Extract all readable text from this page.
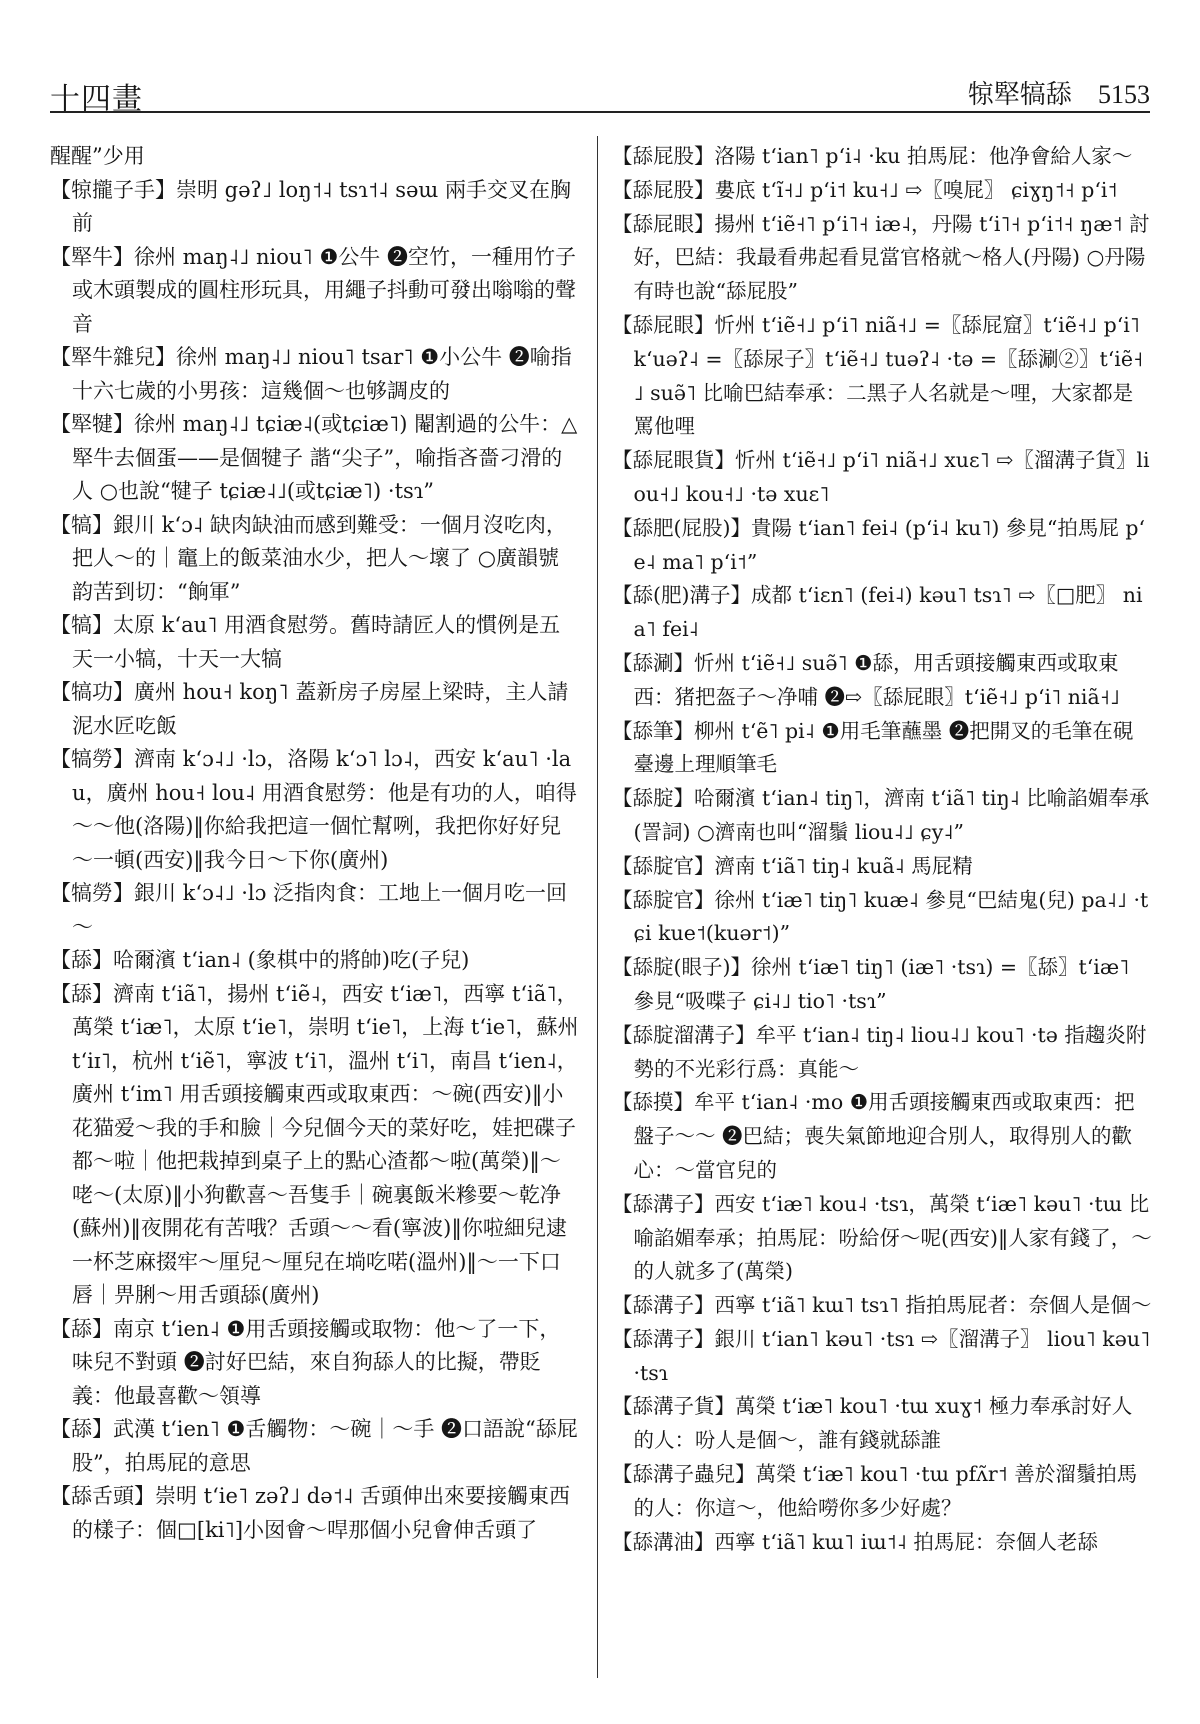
十四畫	㹁㹂犒舔 5153

醒醒”少用

【㹁攏子手】崇明 gəʔ˩ loŋ˦˨ tsɿ˦˨ səɯ 兩手交叉在胸前

【㹂牛】徐州 maŋ˨˩ niou˥ ❶公牛 ❷空竹，一種用竹子或木頭製成的圓柱形玩具，用繩子抖動可發出嗡嗡的聲音

【㹂牛雜兒】徐州 maŋ˨˩ niou˥ tsar˥ ❶小公牛 ❷喻指十六七歲的小男孩：這幾個～也够調皮的

【㹂犍】徐州 maŋ˨˩ tɕiæ˨(或tɕiæ˥) 閹割過的公牛：△㹂牛去個蛋——是個犍子 諧“尖子”，喻指吝嗇刁滑的人 ○也說“犍子 tɕiæ˨˩(或tɕiæ˥) ·tsɿ”

【犒】銀川 kʻɔ˨ 缺肉缺油而感到難受：一個月沒吃肉，把人～的｜竈上的飯菜油水少，把人～壞了 ○廣韻號韵苦到切：“餉軍”

【犒】太原 kʻau˥ 用酒食慰勞。舊時請匠人的慣例是五天一小犒，十天一大犒

【犒功】廣州 hou˧ koŋ˥ 蓋新房子房屋上梁時，主人請泥水匠吃飯

【犒勞】濟南 kʻɔ˨˩ ·lɔ，洛陽 kʻɔ˥ lɔ˨，西安 kʻau˥ ·lau，廣州 hou˧ lou˨ 用酒食慰勞：他是有功的人，咱得～～他(洛陽)‖你給我把這一個忙幫咧，我把你好好兒～一頓(西安)‖我今日～下你(廣州)

【犒勞】銀川 kʻɔ˨˩ ·lɔ 泛指肉食：工地上一個月吃一回～

【舔】哈爾濱 tʻian˨ (象棋中的將帥)吃(子兒)

【舔】濟南 tʻiã˥，揚州 tʻiẽ˨，西安 tʻiæ˥，西寧 tʻiã˥，萬榮 tʻiæ˥，太原 tʻie˥，崇明 tʻie˥，上海 tʻie˥，蘇州 tʻiɪ˥，杭州 tʻiẽ˥，寧波 tʻi˥，溫州 tʻi˥，南昌 tʻien˨，廣州 tʻim˥ 用舌頭接觸東西或取東西：～碗(西安)‖小花猫爱～我的手和臉｜今兒個今天的菜好吃，娃把碟子都～啦｜他把栽掉到桌子上的點心渣都～啦(萬榮)‖～咾～(太原)‖小狗歡喜～吾隻手｜碗裏飯米糝要～乾净(蘇州)‖夜開花有苦哦？舌頭～～看(寧波)‖你啦細兒逮一杯芝麻掇牢～厘兒～厘兒在埫吃喏(溫州)‖～一下口唇｜畀脷～用舌頭舔(廣州)

【舔】南京 tʻien˨ ❶用舌頭接觸或取物：他～了一下，味兒不對頭 ❷討好巴結，來自狗舔人的比擬，帶貶義：他最喜歡～領導

【舔】武漢 tʻien˥ ❶舌觸物：～碗｜～手 ❷口語說“舔屁股”，拍馬屁的意思

【舔舌頭】崇明 tʻie˥ zəʔ˩ də˦˨ 舌頭伸出來要接觸東西的樣子：個□[ki˥]小囡會～哻那個小兒會伸舌頭了

【舔屁股】洛陽 tʻian˥ pʻi˨ ·ku 拍馬屁：他净會給人家～

【舔屁股】婁底 tʻĩ˧˩ pʻi˦ ku˧˩ ⇨〖嗅屁〗 ɕiɣŋ˦˧ pʻi˦

【舔屁眼】揚州 tʻiẽ˧˥ pʻi˥˧ iæ˨，丹陽 tʻi˥˧ pʻi˦˧ ŋæ˦ 討好，巴結：我最看弗起看見當官格就～格人(丹陽) ○丹陽有時也說“舔屁股”

【舔屁眼】忻州 tʻiẽ˧˩ pʻi˥ niã˧˩ =〖舔屁窟〗tʻiẽ˧˩ pʻi˥ kʻuəʔ˨ =〖舔尿子〗tʻiẽ˧˩ tuəʔ˨ ·tə =〖舔涮②〗tʻiẽ˧˩ suə̃˥ 比喻巴結奉承：二黑子人名就是～哩，大家都是罵他哩

【舔屁眼貨】忻州 tʻiẽ˧˩ pʻi˥ niã˧˩ xuɛ˥ ⇨〖溜溝子貨〗liou˧˩ kou˧˩ ·tə xuɛ˥

【舔肥(屁股)】貴陽 tʻian˥ fei˨ (pʻi˨ ku˥) 參見“拍馬屁 pʻe˨ ma˥ pʻi˦”

【舔(肥)溝子】成都 tʻiɛn˥ (fei˨) kəu˥ tsɿ˥ ⇨〖□肥〗 nia˥ fei˨

【舔涮】忻州 tʻiẽ˧˩ suə̃˥ ❶舔，用舌頭接觸東西或取東西：猪把盔子～净哺 ❷⇨〖舔屁眼〗tʻiẽ˧˩ pʻi˥ niã˧˩

【舔筆】柳州 tʻẽ˥ pi˨ ❶用毛筆蘸墨 ❷把開叉的毛筆在硯臺邊上理順筆毛

【舔腚】哈爾濱 tʻian˨ tiŋ˥，濟南 tʻiã˥ tiŋ˨ 比喻諂媚奉承(詈詞) ○濟南也叫“溜鬚 liou˨˩ ɕy˨”

【舔腚官】濟南 tʻiã˥ tiŋ˨ kuã˨ 馬屁精

【舔腚官】徐州 tʻiæ˥ tiŋ˥ kuæ˨ 參見“巴結鬼(兒) pa˨˩ ·tɕi kue˦(kuər˦)”

【舔腚(眼子)】徐州 tʻiæ˥ tiŋ˥ (iæ˥ ·tsɿ) =〖舔〗tʻiæ˥ 參見“吸喋子 ɕi˨˩ tio˥ ·tsɿ”

【舔腚溜溝子】牟平 tʻian˨ tiŋ˨ liou˨˩ kou˥ ·tə 指趨炎附勢的不光彩行爲：真能～

【舔摸】牟平 tʻian˨ ·mo ❶用舌頭接觸東西或取東西：把盤子～～ ❷巴結；喪失氣節地迎合別人，取得別人的歡心：～當官兒的

【舔溝子】西安 tʻiæ˥ kou˨ ·tsɿ，萬榮 tʻiæ˥ kəu˥ ·tɯ 比喻諂媚奉承；拍馬屁：吩給伢～呢(西安)‖人家有錢了，～的人就多了(萬榮)

【舔溝子】西寧 tʻiã˥ kɯ˥ tsɿ˥ 指拍馬屁者：奈個人是個～

【舔溝子】銀川 tʻian˥ kəu˥ ·tsɿ ⇨〖溜溝子〗 liou˥ kəu˥ ·tsɿ

【舔溝子貨】萬榮 tʻiæ˥ kou˥ ·tɯ xuɣ˦ 極力奉承討好人的人：吩人是個～，誰有錢就舔誰

【舔溝子蟲兒】萬榮 tʻiæ˥ kou˥ ·tɯ pfʌ̃r˦ 善於溜鬚拍馬的人：你這～，他給嘮你多少好處？

【舔溝油】西寧 tʻiã˥ kɯ˥ iɯ˦˨ 拍馬屁：奈個人老舔
